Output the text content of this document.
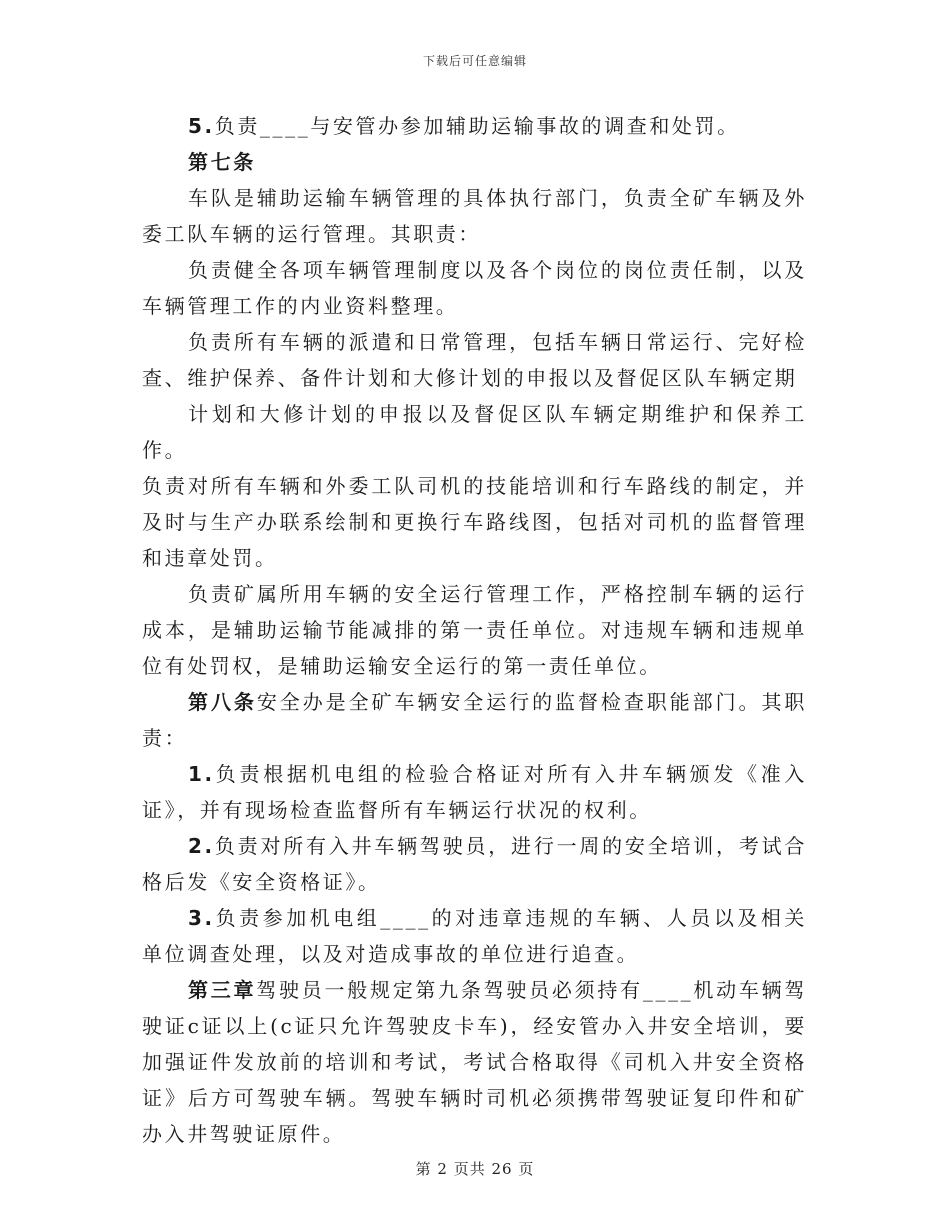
下载后可任意编辑

5.负责____与安管办参加辅助运输事故的调查和处罚。

第七条

车队是辅助运输车辆管理的具体执行部门，负责全矿车辆及外委工队车辆的运行管理。其职责：

负责健全各项车辆管理制度以及各个岗位的岗位责任制，以及车辆管理工作的内业资料整理。

负责所有车辆的派遣和日常管理，包括车辆日常运行、完好检查、维护保养、备件计划和大修计划的申报以及督促区队车辆定期

计划和大修计划的申报以及督促区队车辆定期维护和保养工作。

负责对所有车辆和外委工队司机的技能培训和行车路线的制定，并及时与生产办联系绘制和更换行车路线图，包括对司机的监督管理和违章处罚。

负责矿属所用车辆的安全运行管理工作，严格控制车辆的运行成本，是辅助运输节能减排的第一责任单位。对违规车辆和违规单位有处罚权，是辅助运输安全运行的第一责任单位。

第八条安全办是全矿车辆安全运行的监督检查职能部门。其职责：

1.负责根据机电组的检验合格证对所有入井车辆颁发《准入证》，并有现场检查监督所有车辆运行状况的权利。

2.负责对所有入井车辆驾驶员，进行一周的安全培训，考试合格后发《安全资格证》。

3.负责参加机电组____的对违章违规的车辆、人员以及相关单位调查处理，以及对造成事故的单位进行追查。

第三章驾驶员一般规定第九条驾驶员必须持有____机动车辆驾驶证c证以上(c证只允许驾驶皮卡车)，经安管办入井安全培训，要加强证件发放前的培训和考试，考试合格取得《司机入井安全资格证》后方可驾驶车辆。驾驶车辆时司机必须携带驾驶证复印件和矿办入井驾驶证原件。

第 2 页共 26 页
